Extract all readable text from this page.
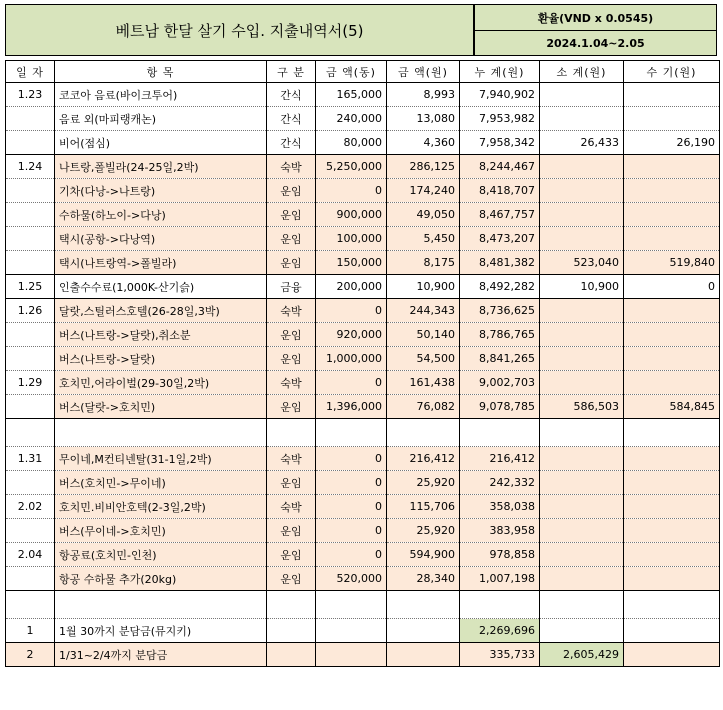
베트남 한달 살기 수입. 지출내역서(5)
환율(VND x 0.0545)
2024.1.04~2.05
일 자	항 목	구 분	금 액(동)	금 액(원)	누 계(원)	소 계(원)	수 기(원)
1.23	코코아 음료(바이크투어)	간식	165,000	8,993	7,940,902		
	음료 외(마피랭캐논)	간식	240,000	13,080	7,953,982		
	비어(점심)	간식	80,000	4,360	7,958,342	26,433	26,190
1.24	나트랑,폴빌라(24-25일,2박)	숙박	5,250,000	286,125	8,244,467		
	기차(다낭->나트랑)	운임	0	174,240	8,418,707		
	수하물(하노이->다낭)	운임	900,000	49,050	8,467,757		
	택시(공항->다낭역)	운임	100,000	5,450	8,473,207		
	택시(나트랑역->폴빌라)	운임	150,000	8,175	8,481,382	523,040	519,840
1.25	인출수수료(1,000K-산기슭)	금융	200,000	10,900	8,492,282	10,900	0
1.26	달랏,스틸러스호텔(26-28일,3박)	숙박	0	244,343	8,736,625		
	버스(나트랑->달랏),취소분	운임	920,000	50,140	8,786,765		
	버스(나트랑->달랏)	운임	1,000,000	54,500	8,841,265		
1.29	호치민,어라이벌(29-30일,2박)	숙박	0	161,438	9,002,703		
	버스(달랏->호치민)	운임	1,396,000	76,082	9,078,785	586,503	584,845

1.31	무이네,M컨티넨탈(31-1일,2박)	숙박	0	216,412	216,412		
	버스(호치민->무이네)	운임	0	25,920	242,332		
2.02	호치민.비비안호텍(2-3일,2박)	숙박	0	115,706	358,038		
	버스(무이네->호치민)	운임	0	25,920	383,958		
2.04	항공료(호치민-인천)	운임	0	594,900	978,858		
	항공 수하물 추가(20kg)	운임	520,000	28,340	1,007,198		

1	1월 30까지 분담금(뮤지키)				2,269,696		
2	1/31~2/4까지 분담금				335,733	2,605,429	
